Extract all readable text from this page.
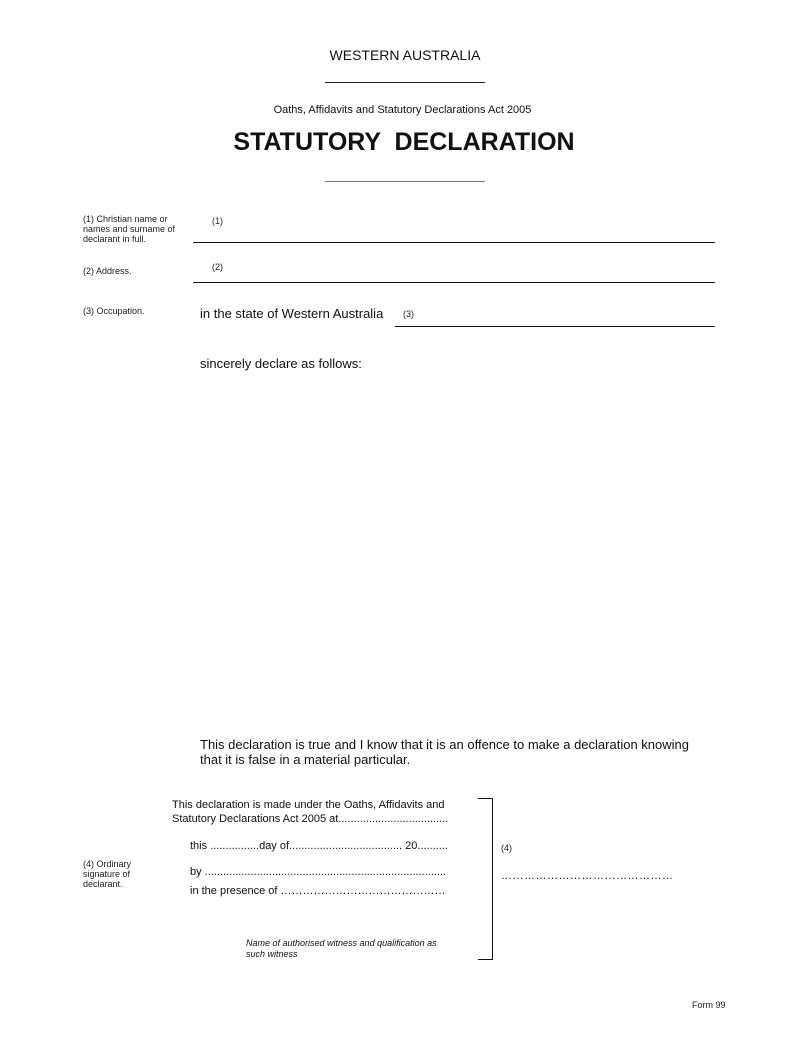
WESTERN AUSTRALIA
Oaths, Affidavits and Statutory Declarations Act 2005
STATUTORY  DECLARATION
(1) Christian name or
names and surname of
declarant in full.
(1)
(2) Address.	(2)
(3) Occupation.	in the state of Western Australia (3)
sincerely declare as follows:
This declaration is true and I know that it is an offence to make a declaration knowing
that it is false in a material particular.
This declaration is made under the Oaths, Affidavits and
Statutory Declarations Act 2005 at....................................
this ................day of..................................... 20..........
by ...............................................................................
in the presence of ………………………………………
Name of authorised witness and qualification as
such witness
(4) Ordinary
signature of
declarant.
(4)
………………………………………
Form 99
